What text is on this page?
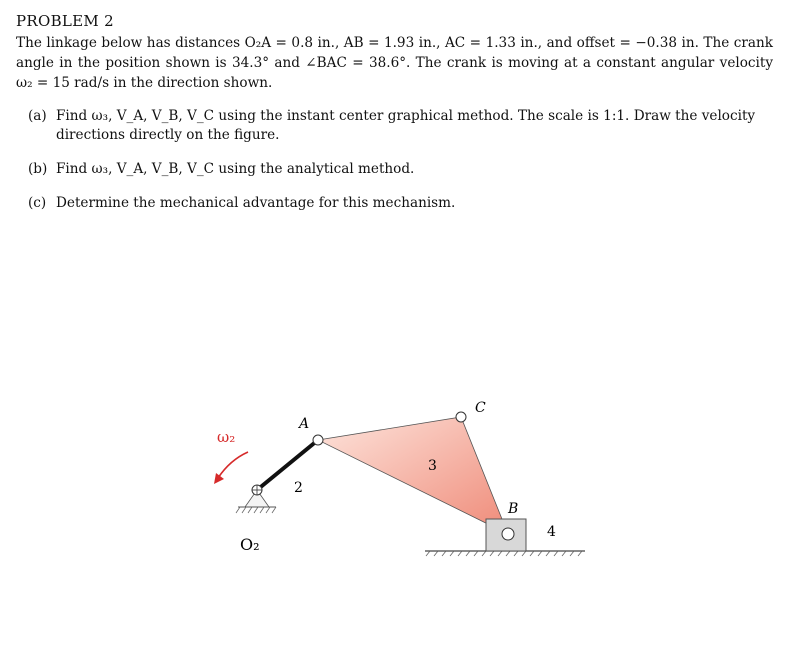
PROBLEM 2
The linkage below has distances O₂A = 0.8 in., AB = 1.93 in., AC = 1.33 in., and offset = −0.38 in. The crank angle in the position shown is 34.3° and ∠BAC = 38.6°. The crank is moving at a constant angular velocity ω₂ = 15 rad/s in the direction shown.
(a) Find ω₃, V_A, V_B, V_C using the instant center graphical method. The scale is 1:1. Draw the velocity directions directly on the figure.
(b) Find ω₃, V_A, V_B, V_C using the analytical method.
(c) Determine the mechanical advantage for this mechanism.
ω₂
A
C
B
O₂
2
3
4
